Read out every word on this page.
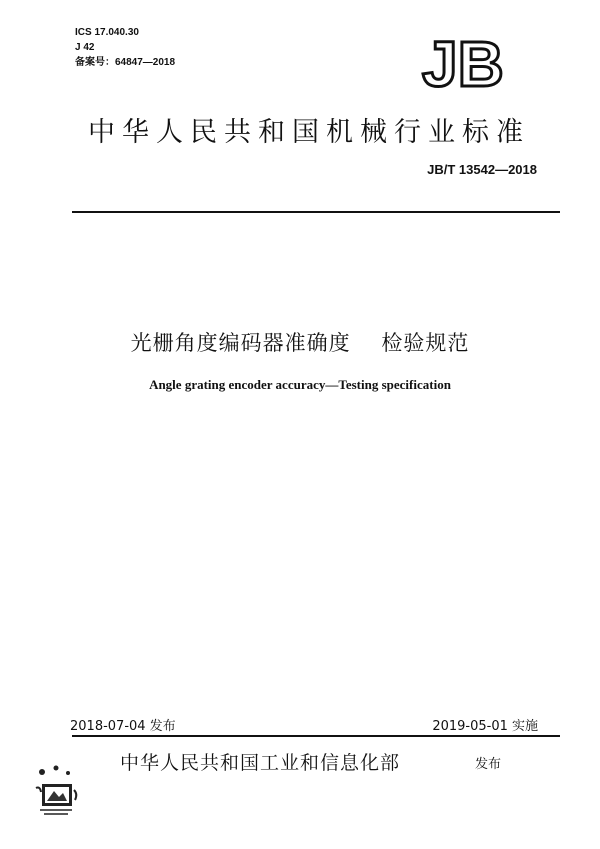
ICS 17.040.30
J 42
备案号：64847—2018	JB
中华人民共和国机械行业标准
JB/T 13542—2018
光栅角度编码器准确度    检验规范
Angle grating encoder accuracy—Testing specification
2018-07-04 发布	2019-05-01 实施
中华人民共和国工业和信息化部	发布
